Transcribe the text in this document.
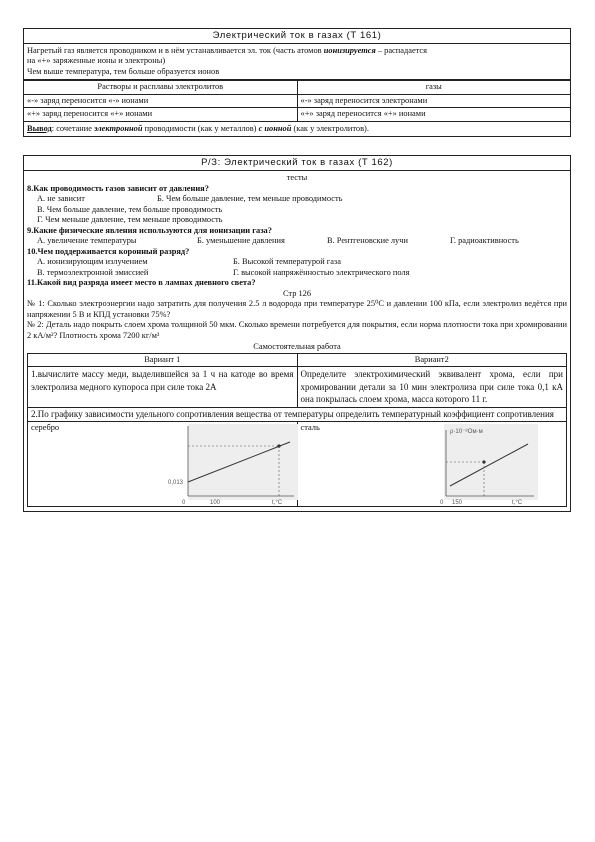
Электрический ток в газах (Т 161)
Нагретый газ является проводником и в нём устанавливается эл. ток (часть атомов ионизируется – распадается
на «+» заряженные ионы и электроны)
Чем выше температура, тем больше образуется ионов
Растворы и расплавы электролитов	газы
«-» заряд переносится «-» ионами	«-» заряд переносится электронами
«+» заряд переносится «+» ионами	«+» заряд переносится «+» ионами
Вывод: сочетание электронной проводимости (как у металлов) с ионной (как у электролитов).
Р/З: Электрический ток в газах (Т 162)
тесты
8.Как проводимость газов зависит от давления?
А. не зависит	Б. Чем больше давление, тем меньше проводимость
В. Чем больше давление, тем больше проводимость
Г. Чем меньше давление, тем меньше проводимость
9.Какие физические явления используются для ионизации газа?
А. увеличение температуры	Б. уменьшение давления	В. Рентгеновские лучи	Г. радиоактивность
10.Чем поддерживается коронный разряд?
А. ионизирующим излучением	Б. Высокой температурой газа
В. термоэлектронной эмиссией	Г. высокой напряжённостью электрического поля
11.Какой вид разряда имеет место в лампах дневного света?
Стр 126
№ 1: Сколько электроэнергии надо затратить для получения 2.5 л водорода при температуре 25⁰С и давлении 100 кПа, если электролиз ведётся при напряжении 5 В и КПД установки 75%?
№ 2: Деталь надо покрыть слоем хрома толщиной 50 мкм. Сколько времени потребуется для покрытия, если норма плотности тока при хромировании 2 кА/м²? Плотность хрома 7200 кг/м³
Самостоятельная работа
Вариант 1	Вариант2
1.вычислите массу меди, выделившейся за 1 ч на катоде во время электролиза медного купороса при силе тока 2А	Определите электрохимический эквивалент хрома, если при хромировании детали за 10 мин электролиза при силе тока 0,1 кА она покрылась слоем хрома, масса которого 11 г.
2.По графику зависимости удельного сопротивления вещества от температуры определить температурный коэффициент сопротивления	
серебро
0,013
0 100 t,°C	сталь ρ·10⁻⁸Ом·м
0 150 t,°C
